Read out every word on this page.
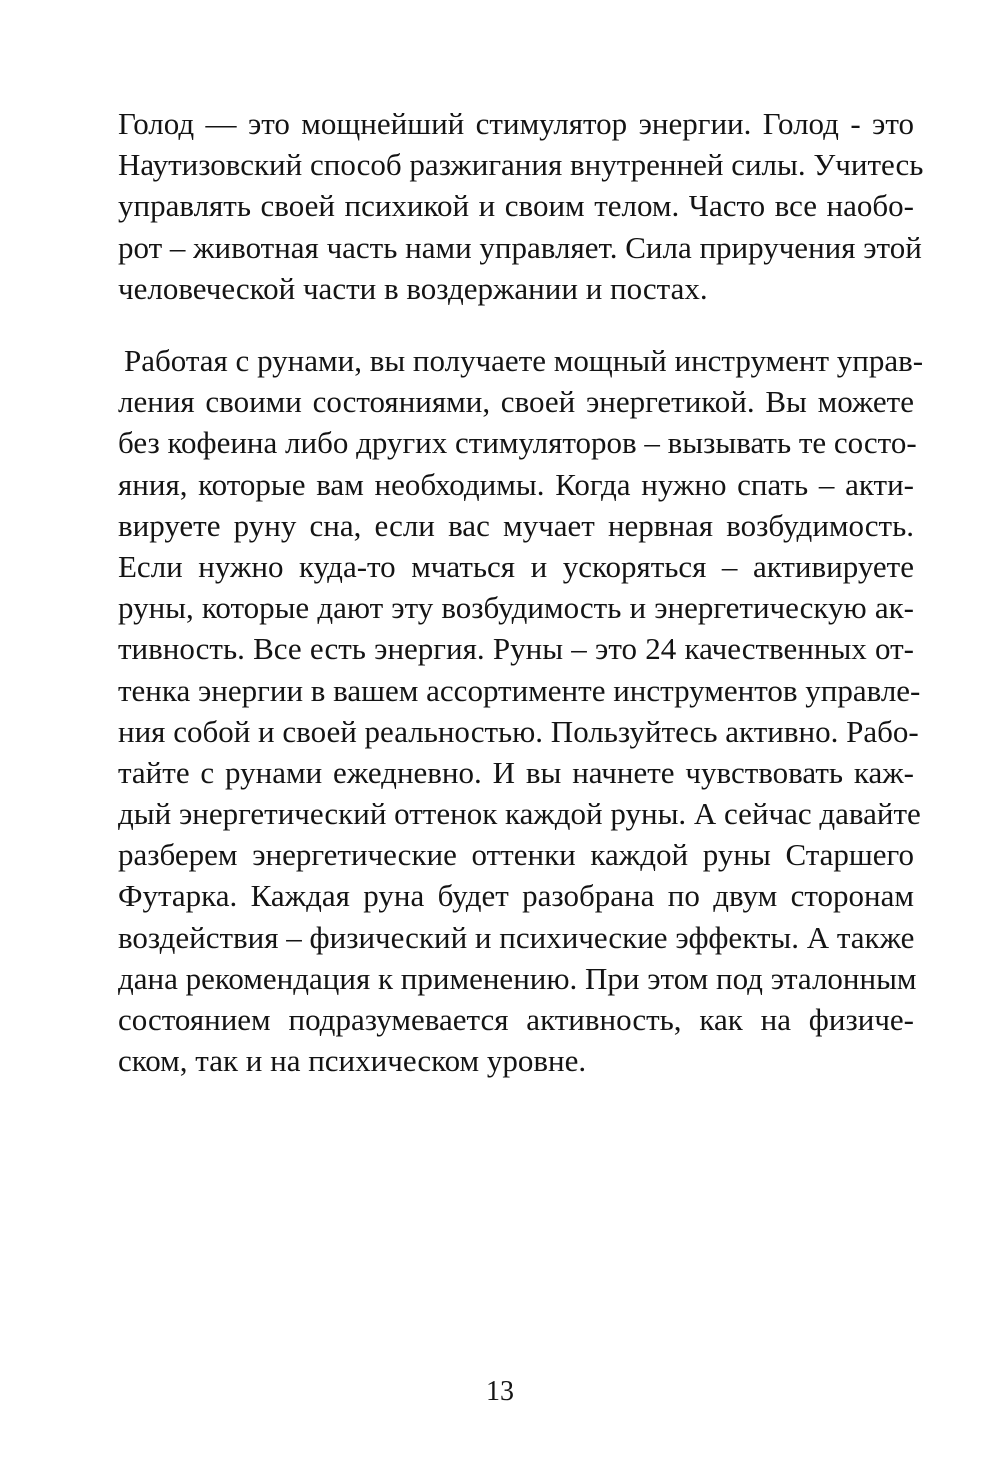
Голод — это мощнейший стимулятор энергии. Голод - это
Наутизовский способ разжигания внутренней силы. Учитесь
управлять своей психикой и своим телом. Часто все наобо-
рот – животная часть нами управляет. Сила приручения этой
человеческой части в воздержании и постах.
Работая с рунами, вы получаете мощный инструмент управ-
ления своими состояниями, своей энергетикой. Вы можете
без кофеина либо других стимуляторов – вызывать те состо-
яния, которые вам необходимы. Когда нужно спать – акти-
вируете руну сна, если вас мучает нервная возбудимость.
Если нужно куда-то мчаться и ускоряться – активируете
руны, которые дают эту возбудимость и энергетическую ак-
тивность. Все есть энергия. Руны – это 24 качественных от-
тенка энергии в вашем ассортименте инструментов управле-
ния собой и своей реальностью. Пользуйтесь активно. Рабо-
тайте с рунами ежедневно. И вы начнете чувствовать каж-
дый энергетический оттенок каждой руны. А сейчас давайте
разберем энергетические оттенки каждой руны Старшего
Футарка. Каждая руна будет разобрана по двум сторонам
воздействия – физический и психические эффекты. А также
дана рекомендация к применению. При этом под эталонным
состоянием подразумевается активность, как на физиче-
ском, так и на психическом уровне.
13
